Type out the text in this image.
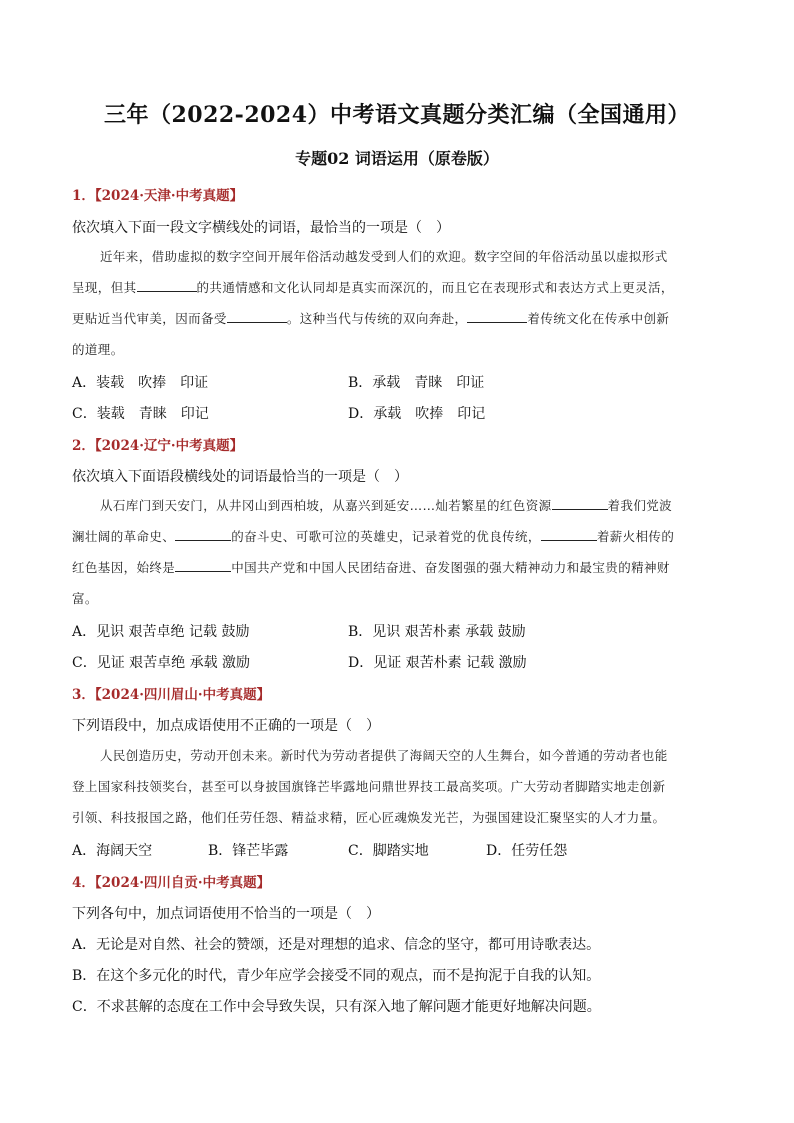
三年（2022-2024）中考语文真题分类汇编（全国通用）
专题02 词语运用（原卷版）
1．【2024·天津·中考真题】
依次填入下面一段文字横线处的词语，最恰当的一项是（　）
近年来，借助虚拟的数字空间开展年俗活动越发受到人们的欢迎。数字空间的年俗活动虽以虚拟形式
呈现，但其	的共通情感和文化认同却是真实而深沉的，而且它在表现形式和表达方式上更灵活，
更贴近当代审美，因而备受	。这种当代与传统的双向奔赴，	着传统文化在传承中创新
的道理。
A．装载　吹捧　印证	B．承载　青睐　印证
C．装载　青睐　印记	D．承载　吹捧　印记
2．【2024·辽宁·中考真题】
依次填入下面语段横线处的词语最恰当的一项是（　）
从石库门到天安门，从井冈山到西柏坡，从嘉兴到延安……灿若繁星的红色资源	着我们党波
澜壮阔的革命史、	的奋斗史、可歌可泣的英雄史，记录着党的优良传统，	着薪火相传的
红色基因，始终是	中国共产党和中国人民团结奋进、奋发图强的强大精神动力和最宝贵的精神财
富。
A．见识 艰苦卓绝 记载 鼓励	B．见识 艰苦朴素 承载 鼓励
C．见证 艰苦卓绝 承载 激励	D．见证 艰苦朴素 记载 激励
3．【2024·四川眉山·中考真题】
下列语段中，加点成语使用不正确的一项是（　）
人民创造历史，劳动开创未来。新时代为劳动者提供了海阔天空的人生舞台，如今普通的劳动者也能
登上国家科技领奖台，甚至可以身披国旗锋芒毕露地问鼎世界技工最高奖项。广大劳动者脚踏实地走创新
引领、科技报国之路，他们任劳任怨、精益求精，匠心匠魂焕发光芒，为强国建设汇聚坚实的人才力量。
A．海阔天空	B．锋芒毕露	C．脚踏实地	D．任劳任怨
4．【2024·四川自贡·中考真题】
下列各句中，加点词语使用不恰当的一项是（　）
A．无论是对自然、社会的赞颂，还是对理想的追求、信念的坚守，都可用诗歌表达。
B．在这个多元化的时代，青少年应学会接受不同的观点，而不是拘泥于自我的认知。
C．不求甚解的态度在工作中会导致失误，只有深入地了解问题才能更好地解决问题。
